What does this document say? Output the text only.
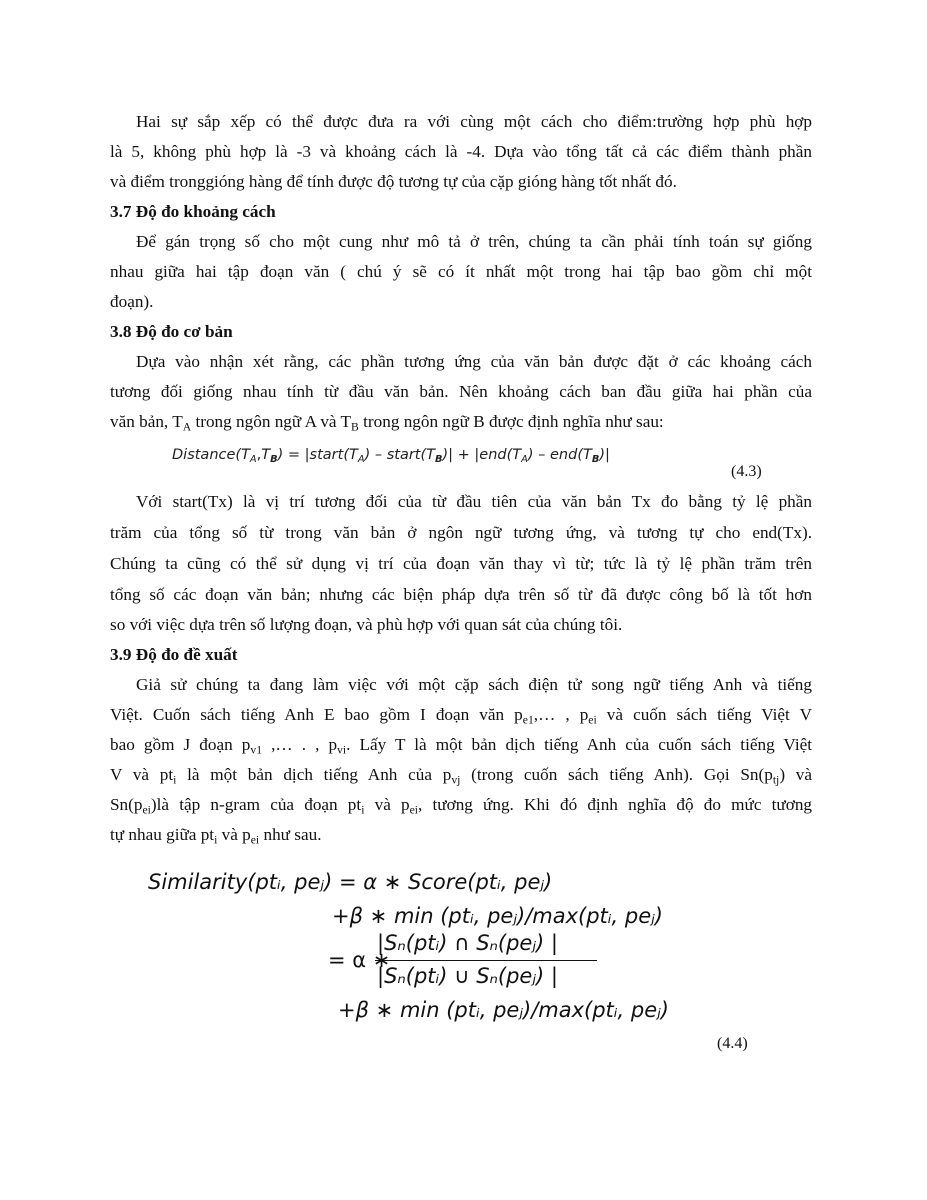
Hai sự sắp xếp có thể được đưa ra với cùng một cách cho điểm:trường hợp phù hợp
là 5, không phù hợp là -3 và khoảng cách là -4. Dựa vào tổng tất cả các điểm thành phần
và điểm tronggióng hàng để tính được độ tương tự của cặp gióng hàng tốt nhất đó.
3.7 Độ đo khoảng cách
Để gán trọng số cho một cung như mô tả ở trên, chúng ta cần phải tính toán sự giống
nhau giữa hai tập đoạn văn ( chú ý sẽ có ít nhất một trong hai tập bao gồm chỉ một
đoạn).
3.8 Độ đo cơ bản
Dựa vào nhận xét rằng, các phần tương ứng của văn bản được đặt ở các khoảng cách
tương đối giống nhau tính từ đầu văn bản. Nên khoảng cách ban đầu giữa hai phần của
văn bản, $T_A$ trong ngôn ngữ A và $T_B$ trong ngôn ngữ B được định nghĩa như sau:
$Distance(T_A,T_B)$ = $|start(T_A)$ – $start(T_B)| + |end(T_A) - end(T_B)|$
(4.3)
Với start(Tx) là vị trí tương đối của từ đầu tiên của văn bản Tx đo bằng tỷ lệ phần
trăm của tổng số từ trong văn bản ở ngôn ngữ tương ứng, và tương tự cho end(Tx).
Chúng ta cũng có thể sử dụng vị trí của đoạn văn thay vì từ; tức là tỷ lệ phần trăm trên
tổng số các đoạn văn bản; nhưng các biện pháp dựa trên số từ đã được công bố là tốt hơn
so với việc dựa trên số lượng đoạn, và phù hợp với quan sát của chúng tôi.
3.9 Độ đo đề xuất
Giả sử chúng ta đang làm việc với một cặp sách điện tử song ngữ tiếng Anh và tiếng
Việt. Cuốn sách tiếng Anh E bao gồm I đoạn văn $p_{e1},\dots$ , $p_{ei}$ và cuốn sách tiếng Việt V
bao gồm J đoạn $p_{v1}$ ,… . , $p_{vi}$. Lấy T là một bản dịch tiếng Anh của cuốn sách tiếng Việt
V và $pt_i$ là một bản dịch tiếng Anh của $p_{vj}$ (trong cuốn sách tiếng Anh). Gọi $Sn(p_{tj})$ và
$Sn(p_{ei})là$ tập n-gram của đoạn $pt_i$ và $p_{ei}$, tương ứng. Khi đó định nghĩa độ đo mức tương
tự nhau giữa $pt_i$ và $p_{ei}$ như sau.
Similarity(ptᵢ, peⱼ) = α ∗ Score(ptᵢ, peⱼ)
+β ∗ min (ptᵢ, peⱼ)/max(ptᵢ, peⱼ)
= α ∗
|Sₙ(ptᵢ) ∩ Sₙ(peⱼ) |
|Sₙ(ptᵢ) ∪ Sₙ(peⱼ) |
+β ∗ min (ptᵢ, peⱼ)/max(ptᵢ, peⱼ)
(4.4)
